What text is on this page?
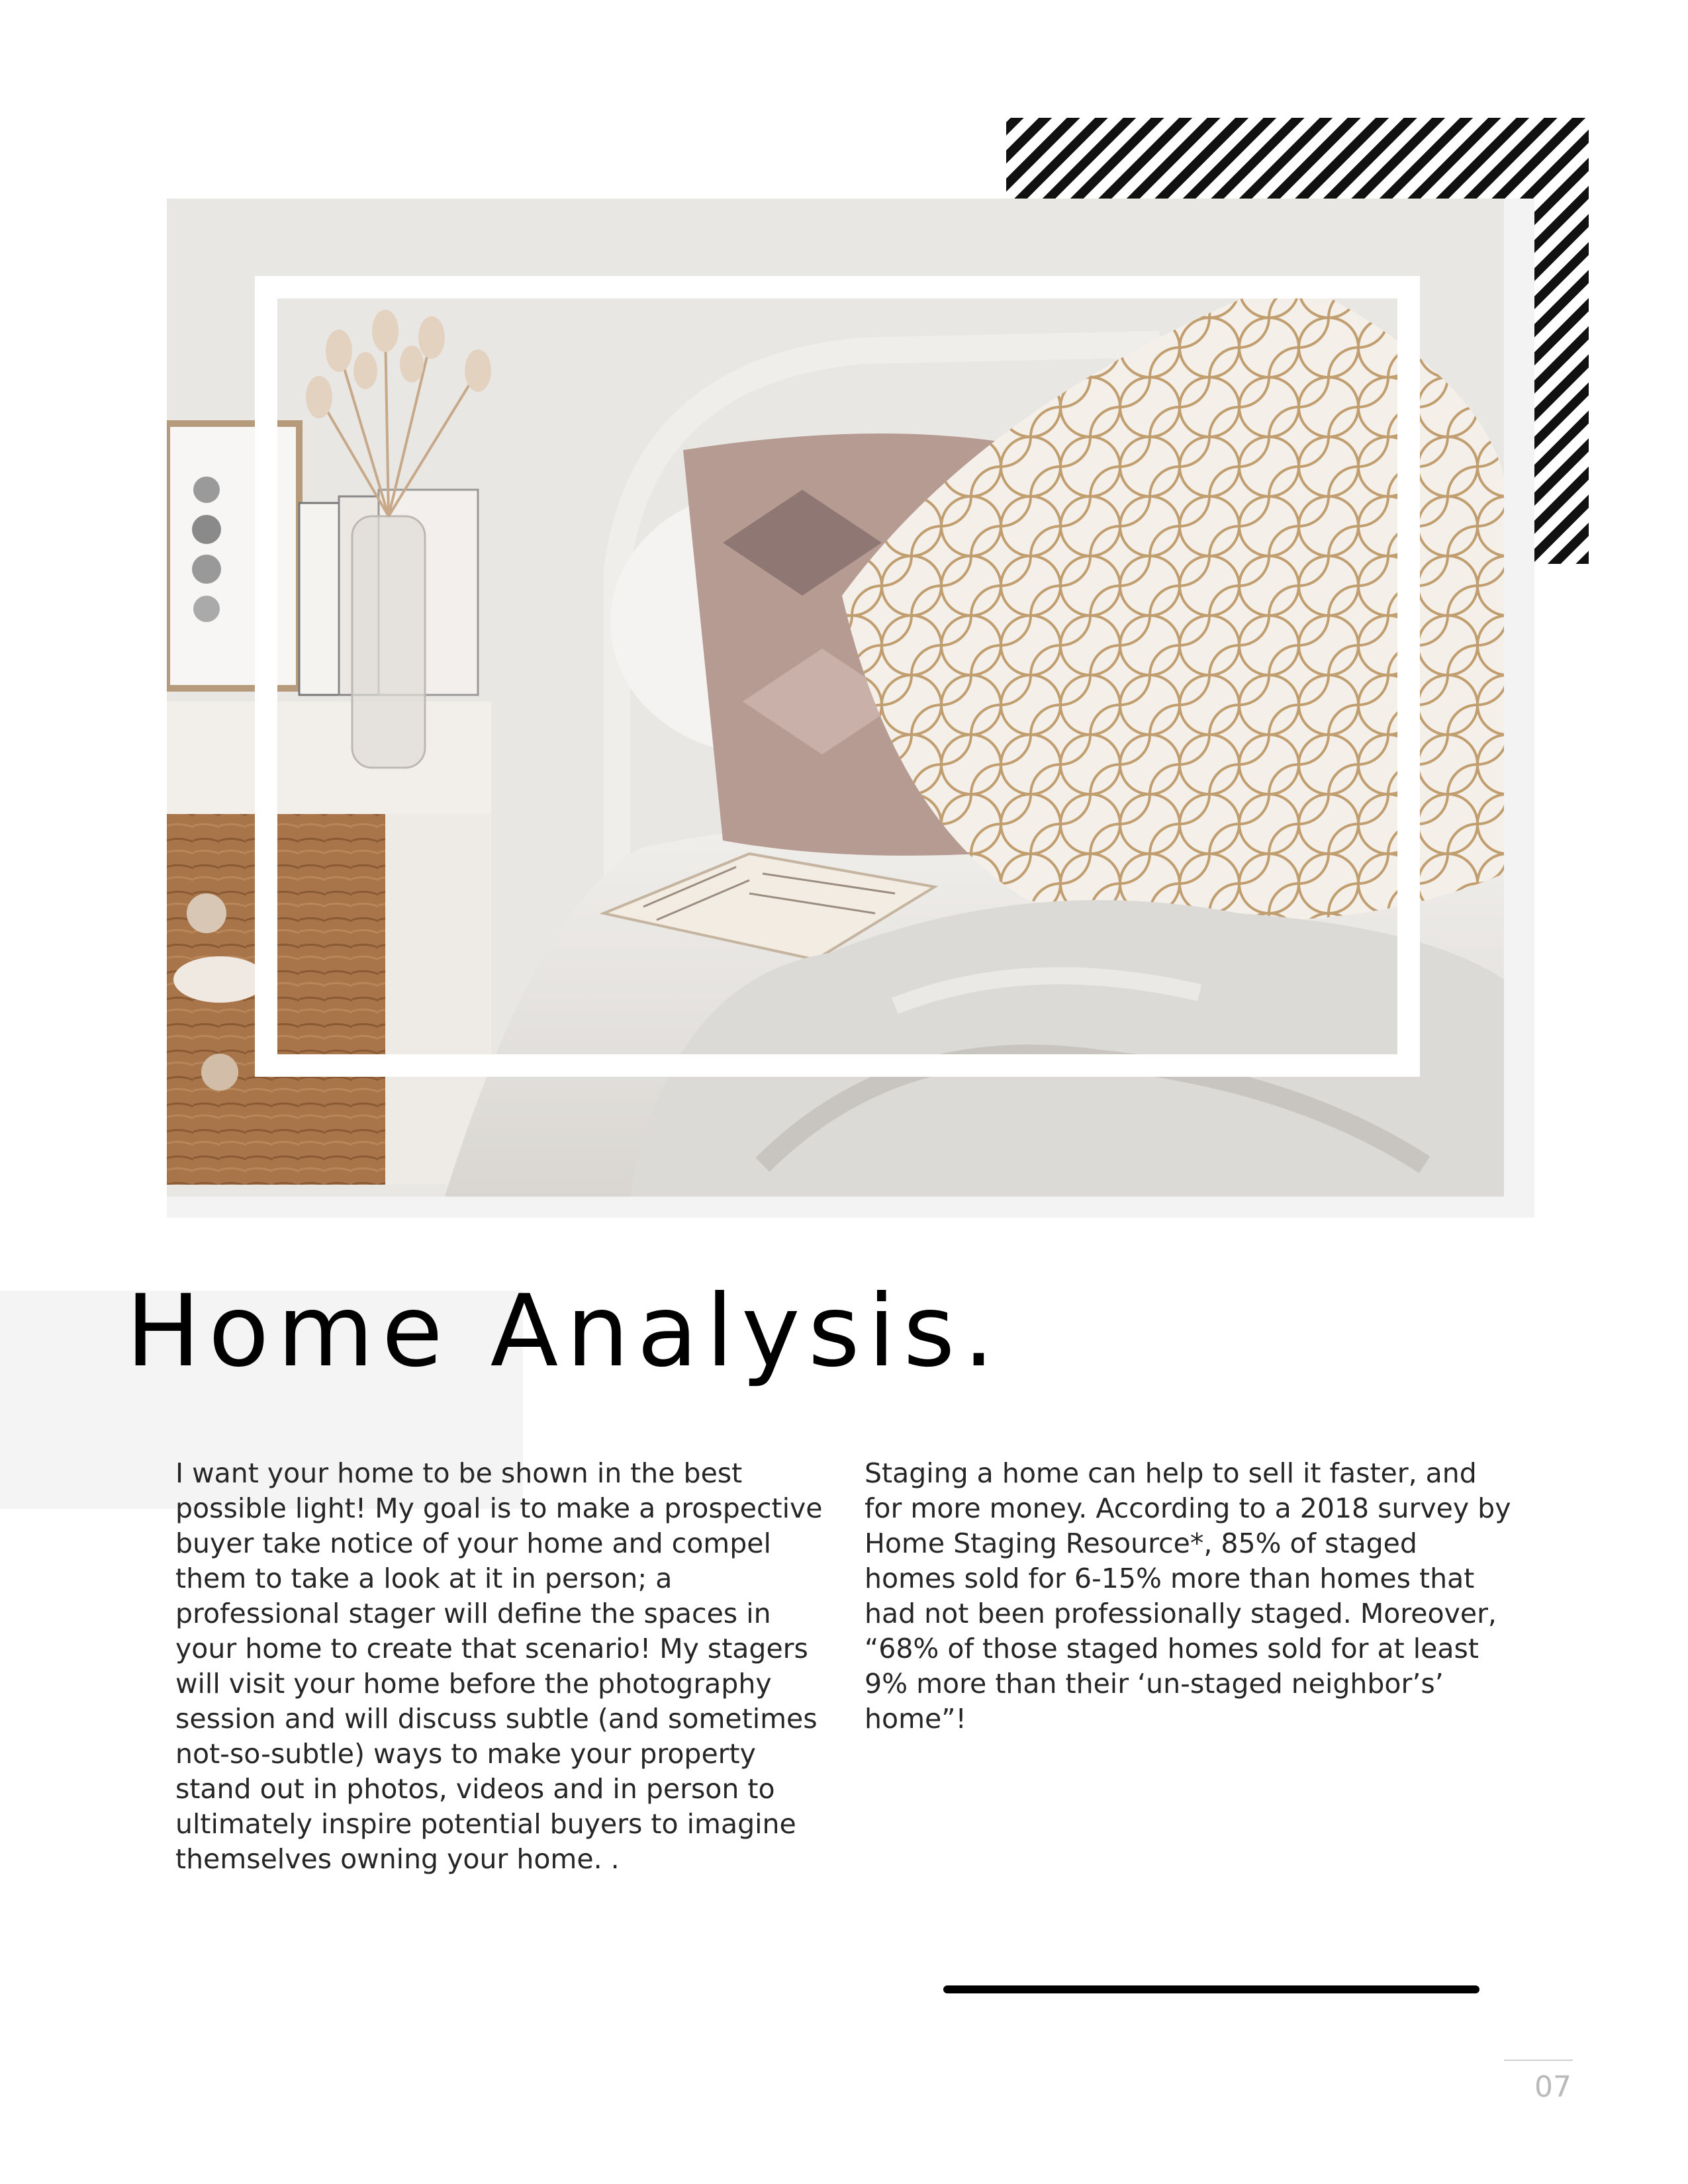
Home Analysis.

I want your home to be shown in the best possible light! My goal is to make a prospective buyer take notice of your home and compel them to take a look at it in person; a professional stager will define the spaces in your home to create that scenario! My stagers will visit your home before the photography session and will discuss subtle (and sometimes not-so-subtle) ways to make your property stand out in photos, videos and in person to ultimately inspire potential buyers to imagine themselves owning your home. .

Staging a home can help to sell it faster, and for more money. According to a 2018 survey by Home Staging Resource*, 85% of staged homes sold for 6-15% more than homes that had not been professionally staged. Moreover, “68% of those staged homes sold for at least 9% more than their ‘un-staged neighbor’s’ home”!

07
